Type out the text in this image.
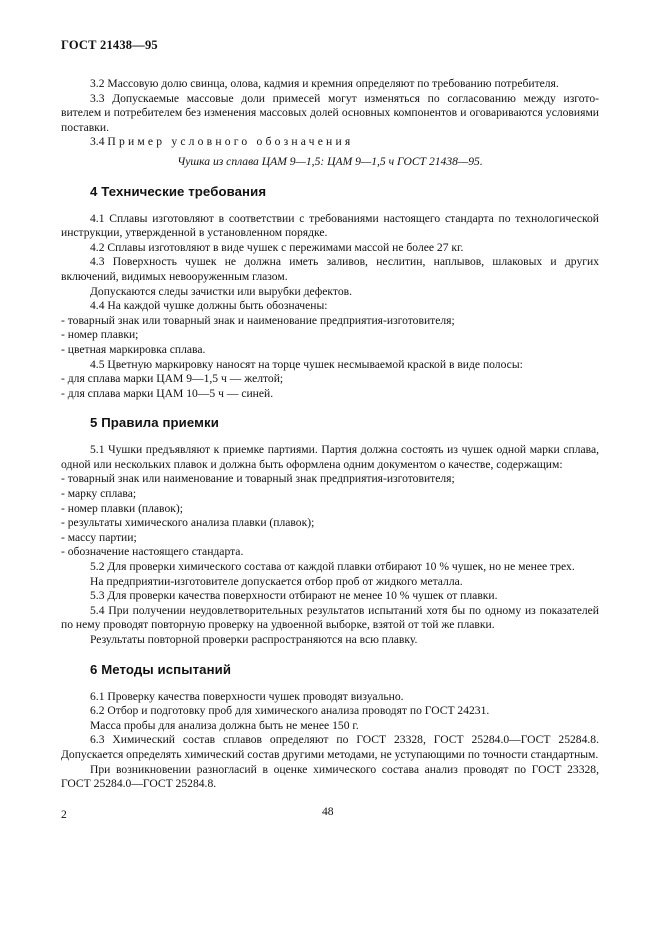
ГОСТ 21438—95

3.2 Массовую долю свинца, олова, кадмия и кремния определяют по требованию потребителя.

3.3 Допускаемые массовые доли примесей могут изменяться по согласованию между изгото-

вителем и потребителем без изменения массовых долей основных компонентов и оговариваются условиями поставки.

3.4 Пример условного обозначения

Чушка из сплава ЦАМ 9—1,5: ЦАМ 9—1,5 ч ГОСТ 21438—95.

4 Технические требования

4.1 Сплавы изготовляют в соответствии с требованиями настоящего стандарта по технологической инструкции, утвержденной в установленном порядке.

4.2 Сплавы изготовляют в виде чушек с пережимами массой не более 27 кг.

4.3 Поверхность чушек не должна иметь заливов, неслитин, наплывов, шлаковых и других включений, видимых невооруженным глазом.

Допускаются следы зачистки или вырубки дефектов.

4.4 На каждой чушке должны быть обозначены:

- товарный знак или товарный знак и наименование предприятия-изготовителя;

- номер плавки;

- цветная маркировка сплава.

4.5 Цветную маркировку наносят на торце чушек несмываемой краской в виде полосы:

- для сплава марки ЦАМ 9—1,5 ч — желтой;

- для сплава марки ЦАМ 10—5 ч — синей.

5 Правила приемки

5.1 Чушки предъявляют к приемке партиями. Партия должна состоять из чушек одной марки сплава, одной или нескольких плавок и должна быть оформлена одним документом о качестве, содержащим:

- товарный знак или наименование и товарный знак предприятия-изготовителя;

- марку сплава;

- номер плавки (плавок);

- результаты химического анализа плавки (плавок);

- массу партии;

- обозначение настоящего стандарта.

5.2 Для проверки химического состава от каждой плавки отбирают 10 % чушек, но не менее трех.

На предприятии-изготовителе допускается отбор проб от жидкого металла.

5.3 Для проверки качества поверхности отбирают не менее 10 % чушек от плавки.

5.4 При получении неудовлетворительных результатов испытаний хотя бы по одному из показателей по нему проводят повторную проверку на удвоенной выборке, взятой от той же плавки.

Результаты повторной проверки распространяются на всю плавку.

6 Методы испытаний

6.1 Проверку качества поверхности чушек проводят визуально.

6.2 Отбор и подготовку проб для химического анализа проводят по ГОСТ 24231.

Масса пробы для анализа должна быть не менее 150 г.

6.3 Химический состав сплавов определяют по ГОСТ 23328, ГОСТ 25284.0—ГОСТ 25284.8. Допускается определять химический состав другими методами, не уступающими по точности стандартным.

При возникновении разногласий в оценке химического состава анализ проводят по ГОСТ 23328, ГОСТ 25284.0—ГОСТ 25284.8.

2	48
